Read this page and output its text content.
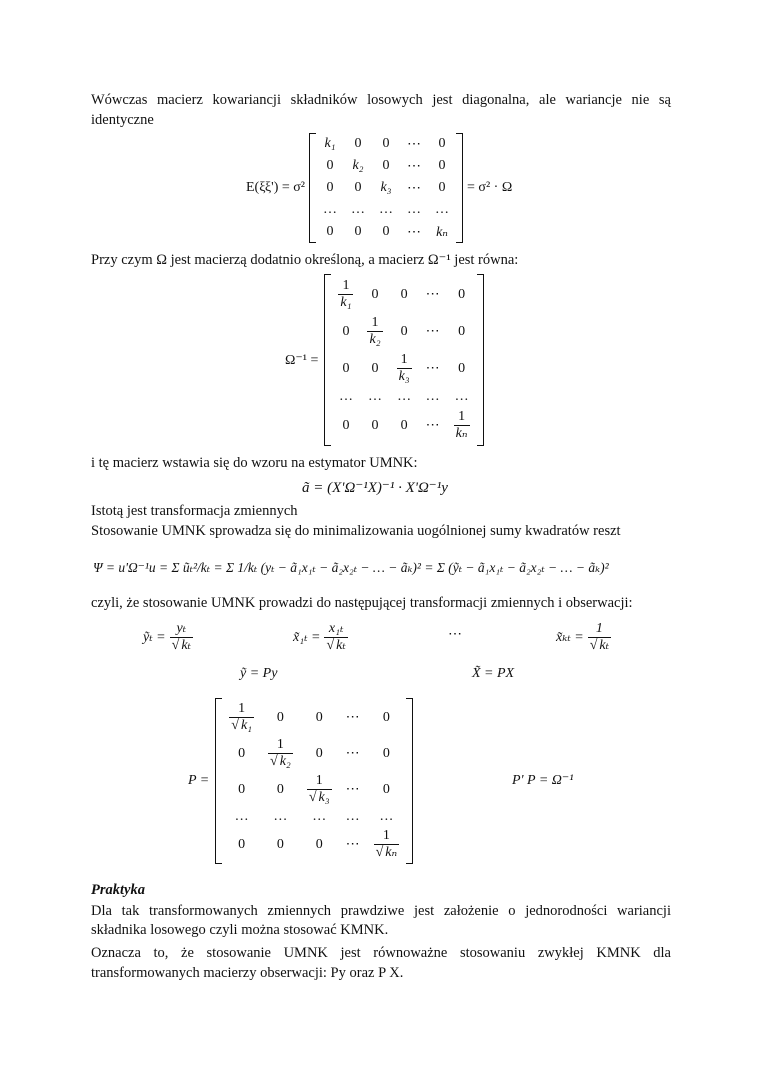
Wówczas macierz kowariancji składników losowych jest diagonalna, ale wariancje nie są
identyczne
E(ξξ') = σ²
k₁	0	0	⋯	0
0	k₂	0	⋯	0
0	0	k₃	⋯	0
…	…	…	…	…
0	0	0	⋯	kₙ
= σ² · Ω
Przy czym Ω jest macierzą dodatnio określoną, a macierz Ω⁻¹ jest równa:
Ω⁻¹ =
$\frac{1}{\text{k₁}}$	0	0	⋯	0
0	$\frac{1}{\text{k₂}}$	0	⋯	0
0	0	$\frac{1}{\text{k₃}}$	⋯	0
…	…	…	…	…
0	0	0	⋯	$\frac{1}{\text{kₙ}}$
i tę macierz wstawia się do wzoru na estymator UMNK:
ã = (X'Ω⁻¹X)⁻¹ · X'Ω⁻¹y
Istotą jest transformacja zmiennych
Stosowanie UMNK sprowadza się do minimalizowania uogólnionej sumy kwadratów reszt
Ψ = u'Ω⁻¹u = Σ ũₜ²/kₜ = Σ 1/kₜ (yₜ − ã₁x₁ₜ − ã₂x₂ₜ − … − ãₖ)² = Σ (ỹₜ − ã₁x₁ₜ − ã₂x₂ₜ − … − ãₖ)²
czyli, że stosowanie UMNK prowadzi do następującej transformacji zmiennych i obserwacji:
ỹₜ = $\frac{\text{yₜ}}{\text{√ kₜ}}$	x̃₁ₜ = $\frac{\text{x₁ₜ}}{\text{√ kₜ}}$	⋯	x̃ₖₜ = $\frac{1}{\text{√ kₜ}}$
ỹ = Py	X̃ = PX
P =
$\frac{1}{\text{√ k₁}}$	0	0	⋯	0
0	$\frac{1}{\text{√ k₂}}$	0	⋯	0
0	0	$\frac{1}{\text{√ k₃}}$	⋯	0
…	…	…	…	…
0	0	0	⋯	$\frac{1}{\text{√ kₙ}}$
P' P = Ω⁻¹
Praktyka
Dla tak transformowanych zmiennych prawdziwe jest założenie o jednorodności wariancji
składnika losowego czyli można stosować KMNK.
Oznacza to, że stosowanie UMNK jest równoważne stosowaniu zwykłej KMNK dla
transformowanych macierzy obserwacji: Py oraz P X.
